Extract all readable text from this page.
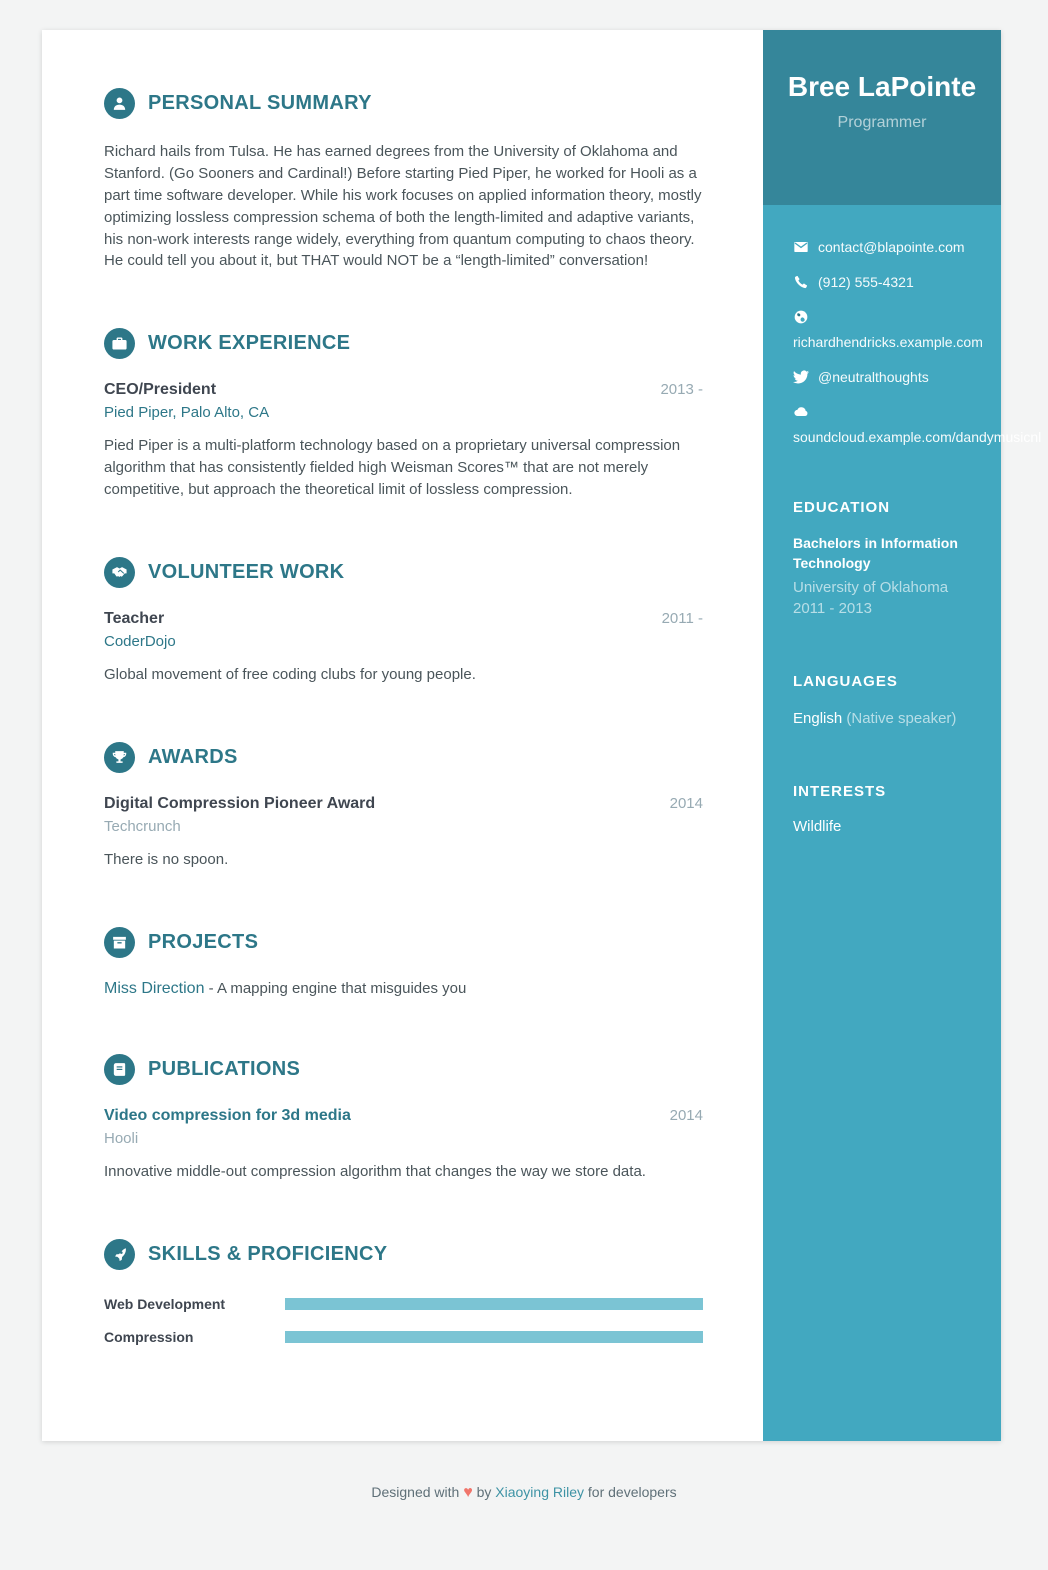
PERSONAL SUMMARY

Richard hails from Tulsa. He has earned degrees from the University of Oklahoma and Stanford. (Go Sooners and Cardinal!) Before starting Pied Piper, he worked for Hooli as a part time software developer. While his work focuses on applied information theory, mostly optimizing lossless compression schema of both the length-limited and adaptive variants, his non-work interests range widely, everything from quantum computing to chaos theory. He could tell you about it, but THAT would NOT be a “length-limited” conversation!

WORK EXPERIENCE
CEO/President	2013 -
Pied Piper, Palo Alto, CA

Pied Piper is a multi-platform technology based on a proprietary universal compression algorithm that has consistently fielded high Weisman Scores™ that are not merely competitive, but approach the theoretical limit of lossless compression.

VOLUNTEER WORK
Teacher	2011 -
CoderDojo

Global movement of free coding clubs for young people.

AWARDS
Digital Compression Pioneer Award	2014
Techcrunch

There is no spoon.

PROJECTS

Miss Direction - A mapping engine that misguides you

PUBLICATIONS
Video compression for 3d media	2014
Hooli

Innovative middle-out compression algorithm that changes the way we store data.

SKILLS & PROFICIENCY
Web Development
Compression
Bree LaPointe
Programmer
contact@blapointe.com
(912) 555-4321
richardhendricks.example.com
@neutralthoughts
soundcloud.example.com/dandymusicnl
EDUCATION
Bachelors in Information Technology
University of Oklahoma
2011 - 2013
LANGUAGES
English (Native speaker)
INTERESTS
Wildlife
Designed with ♥ by Xiaoying Riley for developers
